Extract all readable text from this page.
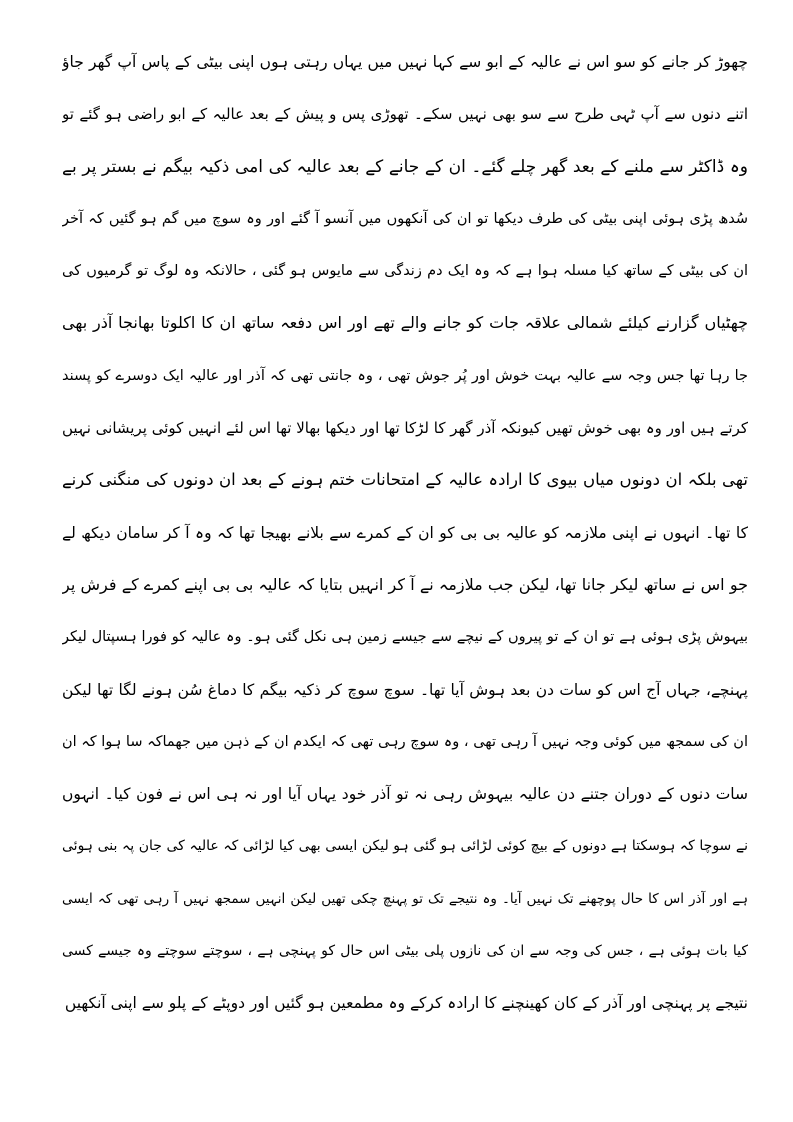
چھوڑ کر جانے کو سو اس نے عالیہ کے ابو سے کہا نہیں میں یہاں رہتی ہوں اپنی بیٹی کے پاس آپ گھر جاؤ
اتنے دنوں سے آپ ٹہی طرح سے سو بھی نہیں سکے۔ تھوڑی پس و پیش کے بعد عالیہ کے ابو راضی ہو گئے تو
وہ ڈاکٹر سے ملنے کے بعد گھر چلے گئے۔ ان کے جانے کے بعد عالیہ کی امی ذکیہ بیگم نے بستر پر بے
سُدھ پڑی ہوئی اپنی بیٹی کی طرف دیکھا تو ان کی آنکھوں میں آنسو آ گئے اور وہ سوچ میں گم ہو گئیں کہ آخر
ان کی بیٹی کے ساتھ کیا مسلہ ہوا ہے کہ وہ ایک دم زندگی سے مایوس ہو گئی ، حالانکہ وہ لوگ تو گرمیوں کی
چھٹیاں گزارنے کیلئے شمالی علاقہ جات کو جانے والے تھے اور اس دفعہ ساتھ ان کا اکلوتا بھانجا آذر بھی
جا رہا تھا جس وجہ سے عالیہ بہت خوش اور پُر جوش تھی ، وہ جانتی تھی کہ آذر اور عالیہ ایک دوسرے کو پسند
کرتے ہیں اور وہ بھی خوش تھیں کیونکہ آذر گھر کا لڑکا تھا اور دیکھا بھالا تھا اس لئے انہیں کوئی پریشانی نہیں
تھی بلکہ ان دونوں میاں بیوی کا ارادہ عالیہ کے امتحانات ختم ہونے کے بعد ان دونوں کی منگنی کرنے
کا تھا۔ انہوں نے اپنی ملازمہ کو عالیہ بی بی کو ان کے کمرے سے بلانے بھیجا تھا کہ وہ آ کر سامان دیکھ لے
جو اس نے ساتھ لیکر جانا تھا، لیکن جب ملازمہ نے آ کر انہیں بتایا کہ عالیہ بی بی اپنے کمرے کے فرش پر
بیہوش پڑی ہوئی ہے تو ان کے تو پیروں کے نیچے سے جیسے زمین ہی نکل گئی ہو۔ وہ عالیہ کو فورا ہسپتال لیکر
پہنچے، جہاں آج اس کو سات دن بعد ہوش آیا تھا۔ سوچ سوچ کر ذکیہ بیگم کا دماغ سُن ہونے لگا تھا لیکن
ان کی سمجھ میں کوئی وجہ نہیں آ رہی تھی ، وہ سوچ رہی تھی کہ ایکدم ان کے ذہن میں جھماکہ سا ہوا کہ ان
سات دنوں کے دوران جتنے دن عالیہ بیہوش رہی نہ تو آذر خود یہاں آیا اور نہ ہی اس نے فون کیا۔ انہوں
نے سوچا کہ ہوسکتا ہے دونوں کے بیچ کوئی لڑائی ہو گئی ہو لیکن ایسی بھی کیا لڑائی کہ عالیہ کی جان پہ بنی ہوئی
ہے اور آذر اس کا حال پوچھنے تک نہیں آیا۔ وہ نتیجے تک تو پہنچ چکی تھیں لیکن انہیں سمجھ نہیں آ رہی تھی کہ ایسی
کیا بات ہوئی ہے ، جس کی وجہ سے ان کی نازوں پلی بیٹی اس حال کو پہنچی ہے ، سوچتے سوچتے وہ جیسے کسی
نتیجے پر پہنچی اور آذر کے کان کھینچنے کا ارادہ کرکے وہ مطمعین ہو گئیں اور دوپٹے کے پلو سے اپنی آنکھیں
